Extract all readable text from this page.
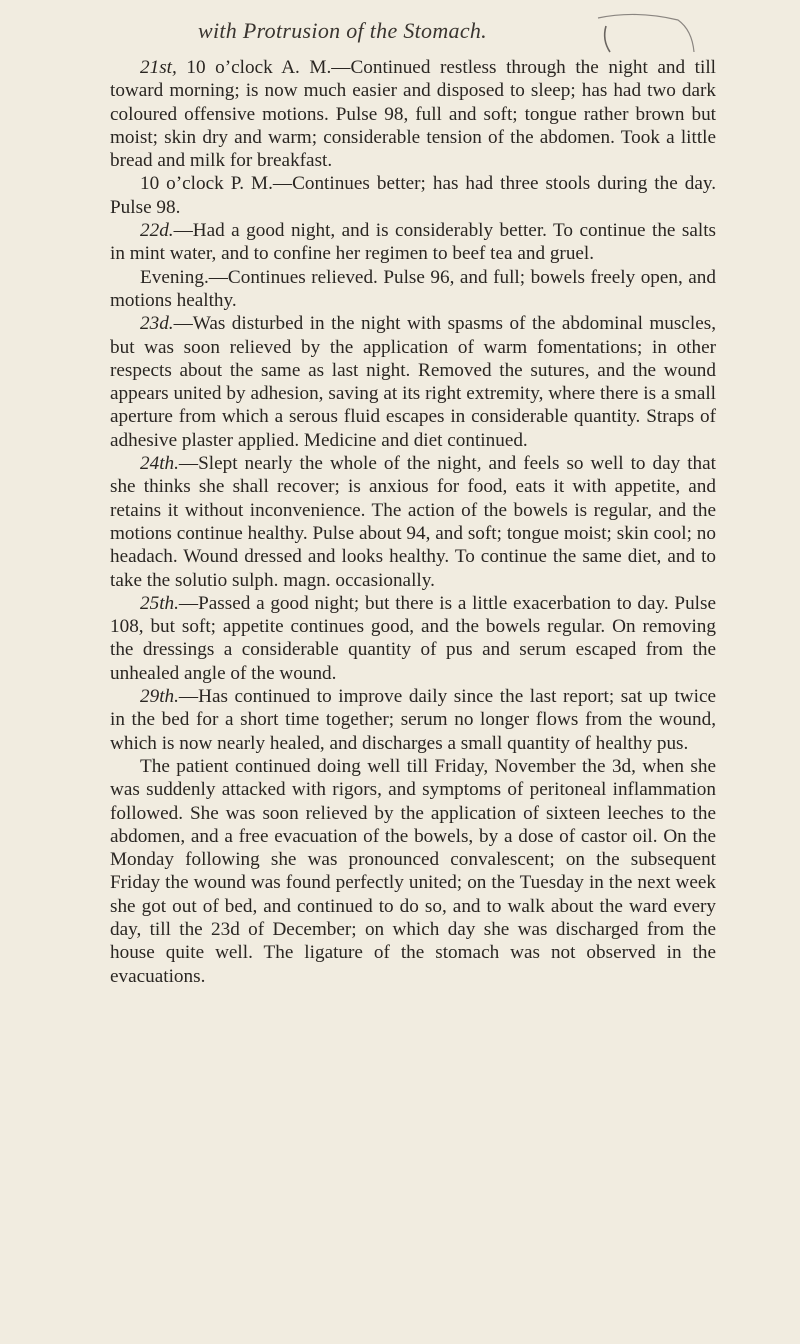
with Protrusion of the Stomach.

21st, 10 o’clock A. M.—Continued restless through the night and till toward morning; is now much easier and disposed to sleep; has had two dark coloured offensive motions. Pulse 98, full and soft; tongue rather brown but moist; skin dry and warm; considerable tension of the abdomen. Took a little bread and milk for breakfast.

10 o’clock P. M.—Continues better; has had three stools during the day. Pulse 98.

22d.—Had a good night, and is considerably better. To continue the salts in mint water, and to confine her regimen to beef tea and gruel.

Evening.—Continues relieved. Pulse 96, and full; bowels freely open, and motions healthy.

23d.—Was disturbed in the night with spasms of the abdominal muscles, but was soon relieved by the application of warm fomentations; in other respects about the same as last night. Removed the sutures, and the wound appears united by adhesion, saving at its right extremity, where there is a small aperture from which a serous fluid escapes in considerable quantity. Straps of adhesive plaster applied. Medicine and diet continued.

24th.—Slept nearly the whole of the night, and feels so well to day that she thinks she shall recover; is anxious for food, eats it with appetite, and retains it without inconvenience. The action of the bowels is regular, and the motions continue healthy. Pulse about 94, and soft; tongue moist; skin cool; no headach. Wound dressed and looks healthy. To continue the same diet, and to take the solutio sulph. magn. occasionally.

25th.—Passed a good night; but there is a little exacerbation to day. Pulse 108, but soft; appetite continues good, and the bowels regular. On removing the dressings a considerable quantity of pus and serum escaped from the unhealed angle of the wound.

29th.—Has continued to improve daily since the last report; sat up twice in the bed for a short time together; serum no longer flows from the wound, which is now nearly healed, and discharges a small quantity of healthy pus.

The patient continued doing well till Friday, November the 3d, when she was suddenly attacked with rigors, and symptoms of peritoneal inflammation followed. She was soon relieved by the application of sixteen leeches to the abdomen, and a free evacuation of the bowels, by a dose of castor oil. On the Monday following she was pronounced convalescent; on the subsequent Friday the wound was found perfectly united; on the Tuesday in the next week she got out of bed, and continued to do so, and to walk about the ward every day, till the 23d of December; on which day she was discharged from the house quite well. The ligature of the stomach was not observed in the evacuations.
